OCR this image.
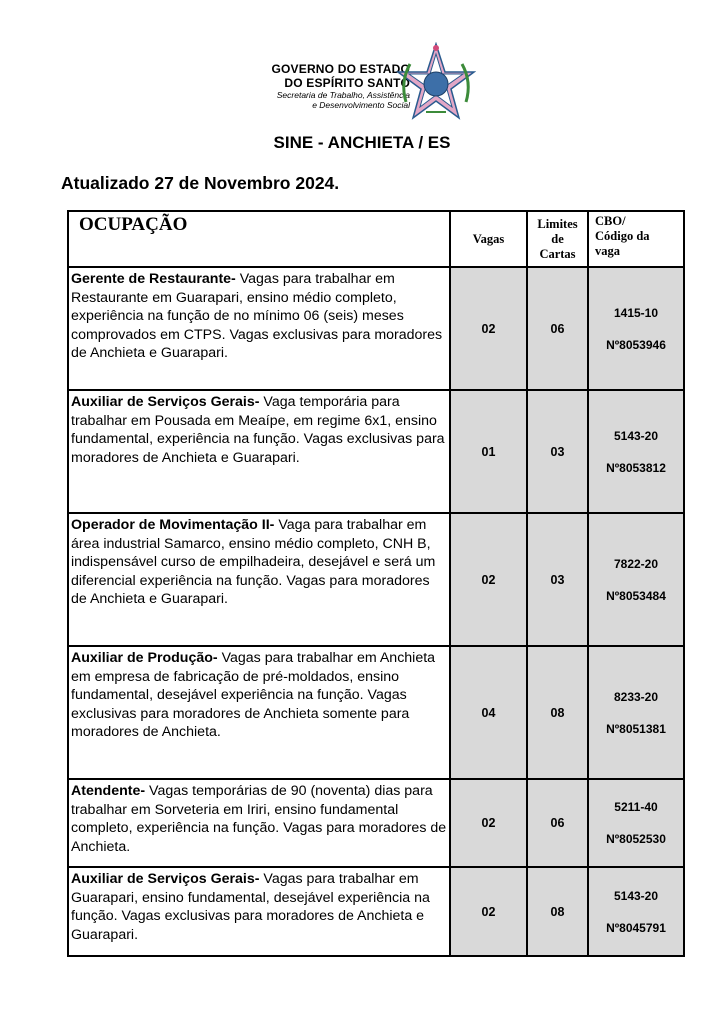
GOVERNO DO ESTADO
DO ESPÍRITO SANTO
Secretaria de Trabalho, Assistência
e Desenvolvimento Social
SINE - ANCHIETA / ES
Atualizado 27 de Novembro 2024.
OCUPAÇÃO	Vagas	Limites
de
Cartas	CBO/
Código da
vaga
Gerente de Restaurante- Vagas para trabalhar em Restaurante em Guarapari, ensino médio completo, experiência na função de no mínimo 06 (seis) meses comprovados em CTPS. Vagas exclusivas para moradores de Anchieta e Guarapari.	02	06	1415-10
Nº8053946

Auxiliar de Serviços Gerais- Vaga temporária para trabalhar em Pousada em Meaípe, em regime 6x1, ensino fundamental, experiência na função. Vagas exclusivas para moradores de Anchieta e Guarapari.	01	03	5143-20
Nº8053812

Operador de Movimentação II- Vaga para trabalhar em área industrial Samarco, ensino médio completo, CNH B, indispensável curso de empilhadeira, desejável e será um diferencial experiência na função. Vagas para moradores de Anchieta e Guarapari.	02	03	7822-20
Nº8053484

Auxiliar de Produção- Vagas para trabalhar em Anchieta em empresa de fabricação de pré-moldados, ensino fundamental, desejável experiência na função. Vagas exclusivas para moradores de Anchieta somente para moradores de Anchieta.	04	08	8233-20
Nº8051381

Atendente- Vagas temporárias de 90 (noventa) dias para trabalhar em Sorveteria em Iriri, ensino fundamental completo, experiência na função. Vagas para moradores de Anchieta.	02	06	5211-40
Nº8052530

Auxiliar de Serviços Gerais- Vagas para trabalhar em Guarapari, ensino fundamental, desejável experiência na função. Vagas exclusivas para moradores de Anchieta e Guarapari.	02	08	5143-20
Nº8045791
